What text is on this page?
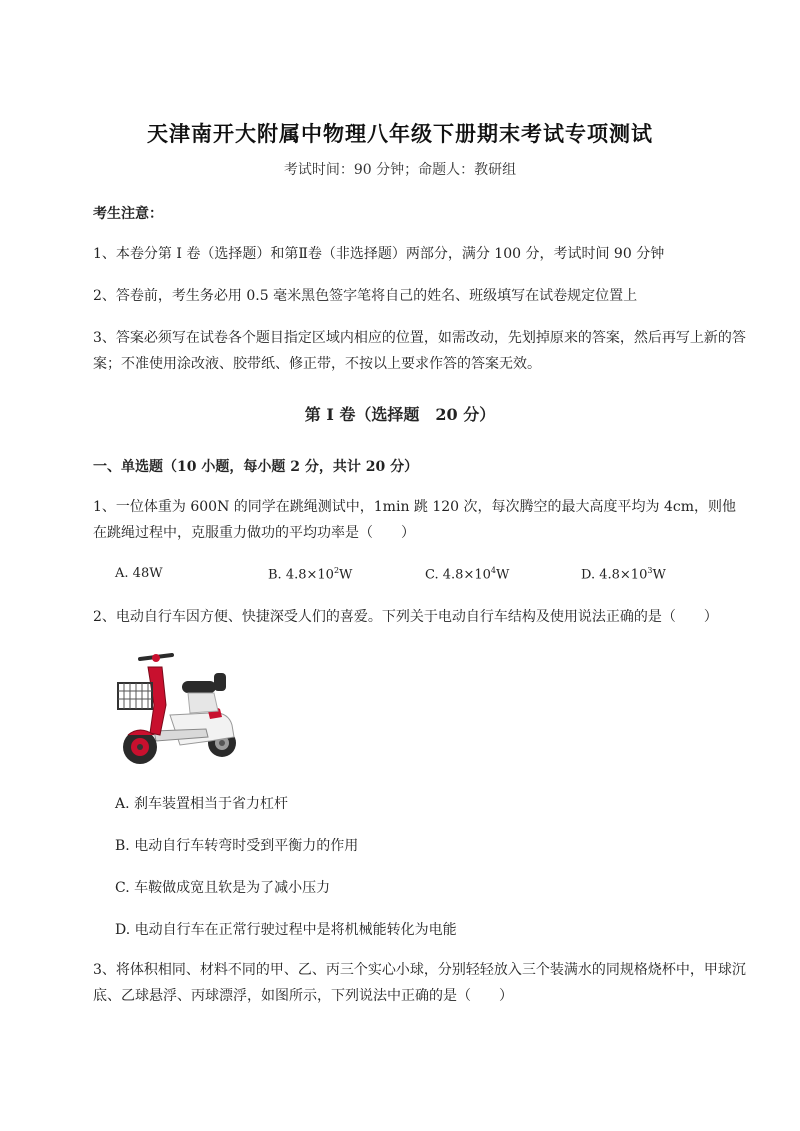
天津南开大附属中物理八年级下册期末考试专项测试
考试时间：90 分钟；命题人：教研组
考生注意：
1、本卷分第 I 卷（选择题）和第Ⅱ卷（非选择题）两部分，满分 100 分，考试时间 90 分钟
2、答卷前，考生务必用 0.5 毫米黑色签字笔将自己的姓名、班级填写在试卷规定位置上
3、答案必须写在试卷各个题目指定区域内相应的位置，如需改动，先划掉原来的答案，然后再写上新的答案；不准使用涂改液、胶带纸、修正带，不按以上要求作答的答案无效。
第 I 卷（选择题　20 分）
一、单选题（10 小题，每小题 2 分，共计 20 分）
1、一位体重为 600N 的同学在跳绳测试中，1min 跳 120 次，每次腾空的最大高度平均为 4cm，则他在跳绳过程中，克服重力做功的平均功率是（　　）
A. 48W	B. $4.8\times 10^2W$	C. $4.8\times 10^4W$	D. $4.8\times 10^3W$
2、电动自行车因方便、快捷深受人们的喜爱。下列关于电动自行车结构及使用说法正确的是（　　）
A. 刹车装置相当于省力杠杆
B. 电动自行车转弯时受到平衡力的作用
C. 车鞍做成宽且软是为了减小压力
D. 电动自行车在正常行驶过程中是将机械能转化为电能
3、将体积相同、材料不同的甲、乙、丙三个实心小球，分别轻轻放入三个装满水的同规格烧杯中，甲球沉底、乙球悬浮、丙球漂浮，如图所示，下列说法中正确的是（　　）
